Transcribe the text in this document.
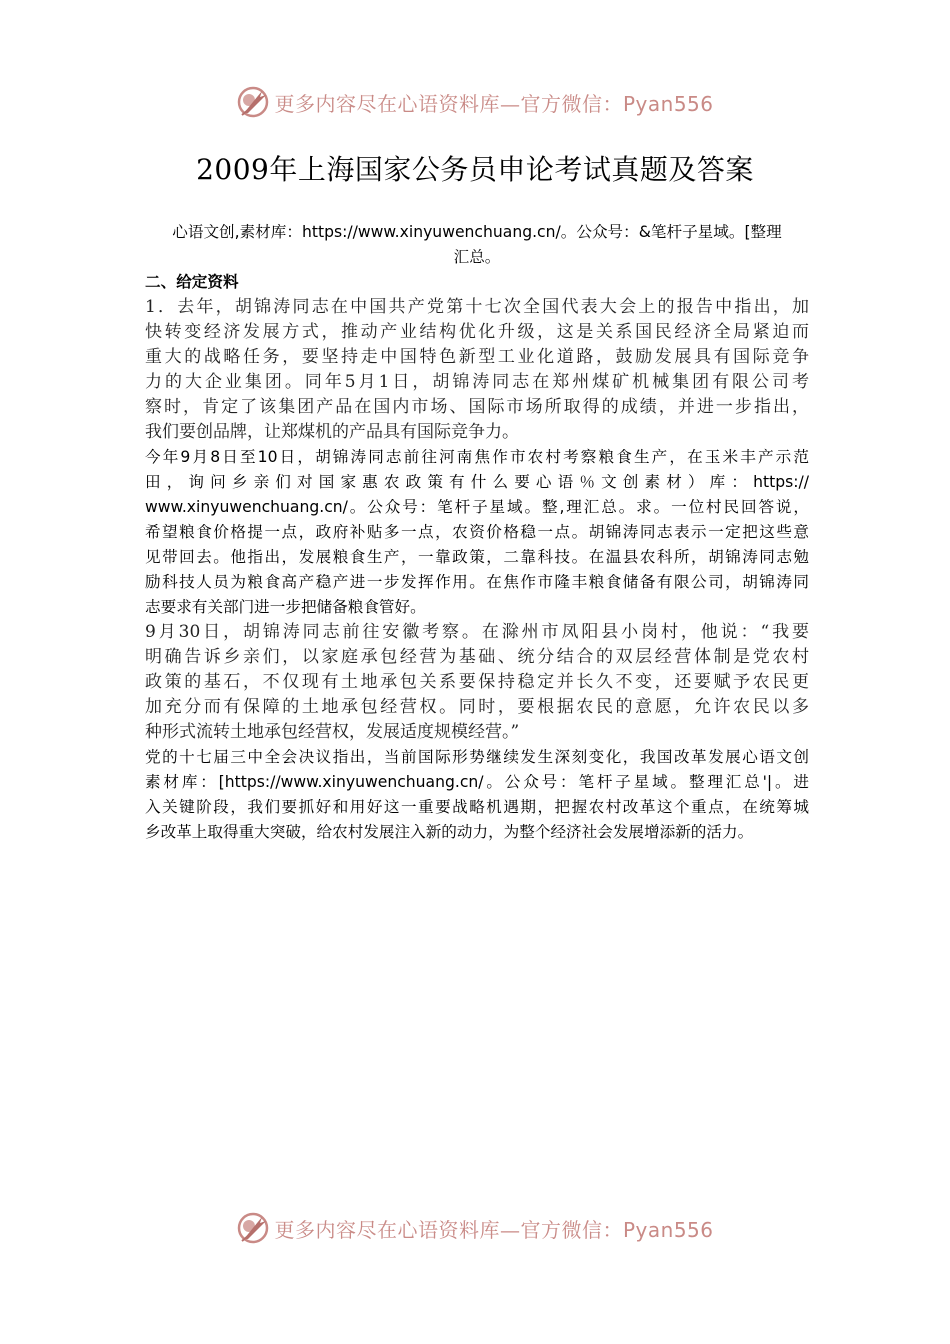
更多内容尽在心语资料库—官方微信：Pyan556
2009年上海国家公务员申论考试真题及答案
心语文创,素材库：https://www.xinyuwenchuang.cn/。公众号：&笔杆子星域。[整理
汇总。
二、给定资料
1．去年，胡锦涛同志在中国共产党第十七次全国代表大会上的报告中指出，加
快转变经济发展方式，推动产业结构优化升级，这是关系国民经济全局紧迫而
重大的战略任务，要坚持走中国特色新型工业化道路，鼓励发展具有国际竞争
力的大企业集团。同年5月1日，胡锦涛同志在郑州煤矿机械集团有限公司考
察时，肯定了该集团产品在国内市场、国际市场所取得的成绩，并进一步指出，
我们要创品牌，让郑煤机的产品具有国际竞争力。
今年9月8日至10日，胡锦涛同志前往河南焦作市农村考察粮食生产，在玉米丰产示范
田，询问乡亲们对国家惠农政策有什么要心语％文创素材）库：https://
www.xinyuwenchuang.cn/。公众号：笔杆子星域。整,理汇总。求。一位村民回答说，
希望粮食价格提一点，政府补贴多一点，农资价格稳一点。胡锦涛同志表示一定把这些意
见带回去。他指出，发展粮食生产，一靠政策，二靠科技。在温县农科所，胡锦涛同志勉
励科技人员为粮食高产稳产进一步发挥作用。在焦作市隆丰粮食储备有限公司，胡锦涛同
志要求有关部门进一步把储备粮食管好。
9月30日，胡锦涛同志前往安徽考察。在滁州市凤阳县小岗村，他说：“我要
明确告诉乡亲们，以家庭承包经营为基础、统分结合的双层经营体制是党农村
政策的基石，不仅现有土地承包关系要保持稳定并长久不变，还要赋予农民更
加充分而有保障的土地承包经营权。同时，要根据农民的意愿，允许农民以多
种形式流转土地承包经营权，发展适度规模经营。”
党的十七届三中全会决议指出，当前国际形势继续发生深刻变化，我国改革发展心语文创
素材库：[https://www.xinyuwenchuang.cn/。公众号：笔杆子星域。整理汇总'|。进
入关键阶段，我们要抓好和用好这一重要战略机遇期，把握农村改革这个重点，在统筹城
乡改革上取得重大突破，给农村发展注入新的动力，为整个经济社会发展增添新的活力。
更多内容尽在心语资料库—官方微信：Pyan556
